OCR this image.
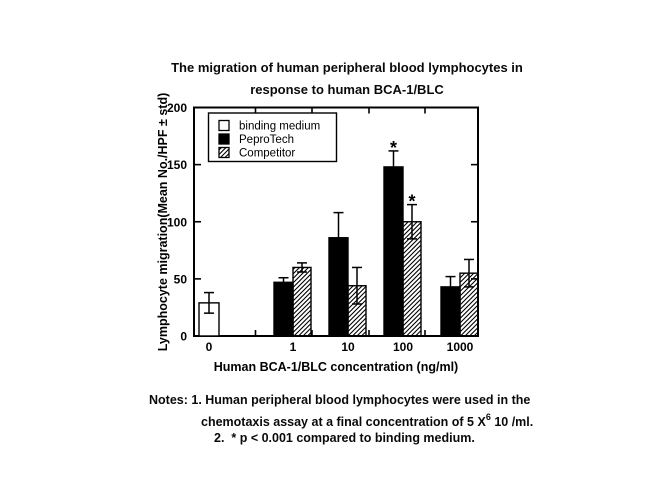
The migration of human peripheral blood lymphocytes in
response to human BCA-1/BLC
0
50
100
150
200
0	1	10	100	1000
*
*
binding medium
PeproTech
Competitor
Human BCA-1/BLC concentration (ng/ml)
Lymphocyte migration(Mean No./HPF ± std)
Notes: 1. Human peripheral blood lymphocytes were used in the
chemotaxis assay at a final concentration of 5 $X^6$ 10 /ml.
2.  * p < 0.001 compared to binding medium.
